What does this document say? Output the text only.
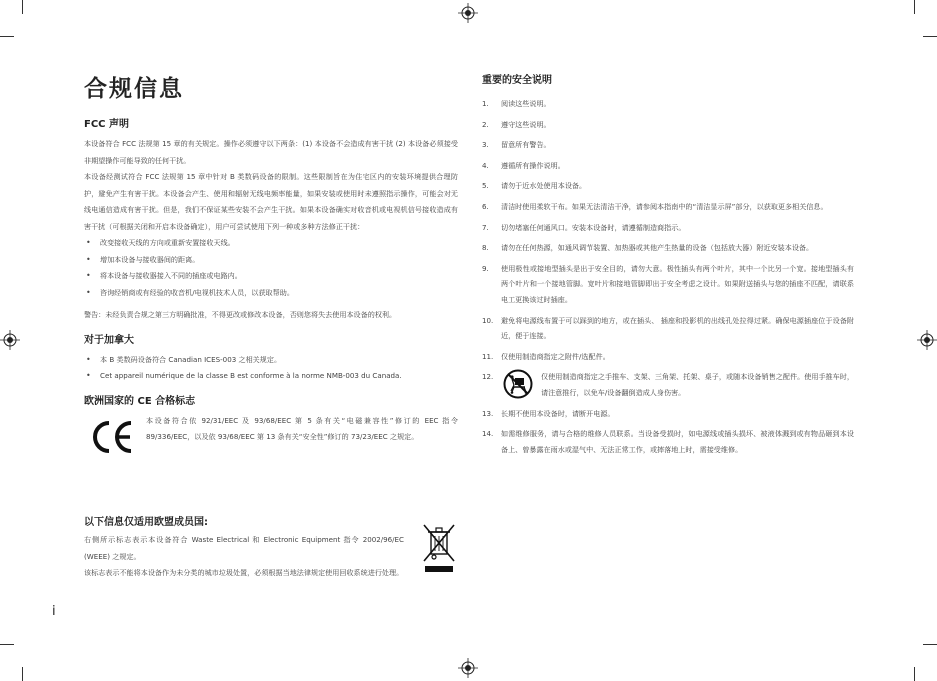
合规信息
FCC 声明

本设备符合 FCC 法规第 15 章的有关规定。操作必须遵守以下两条：(1) 本设备不会造成有害干扰 (2) 本设备必须接受非期望操作可能导致的任何干扰。

本设备经测试符合 FCC 法规第 15 章中针对 B 类数码设备的限制。这些限制旨在为住宅区内的安装环境提供合理防护，避免产生有害干扰。本设备会产生、使用和辐射无线电频率能量，如果安装或使用时未遵照指示操作，可能会对无线电通信造成有害干扰。但是，我们不保证某些安装不会产生干扰。如果本设备确实对收音机或电视机信号接收造成有害干扰（可根据关闭和开启本设备确定），用户可尝试使用下列一种或多种方法修正干扰：

• 改变接收天线的方向或重新安置接收天线。
• 增加本设备与接收器间的距离。
• 将本设备与接收器接入不同的插座或电路内。
• 咨询经销商或有经验的收音机/电视机技术人员，以获取帮助。

警告：未经负责合规之第三方明确批准，不得更改或修改本设备，否则您将失去使用本设备的权利。

对于加拿大
• 本 B 类数码设备符合 Canadian ICES-003 之相关规定。
• Cet appareil numérique de la classe B est conforme à la norme NMB-003 du Canada.
欧洲国家的 CE 合格标志

本设备符合依 92/31/EEC 及 93/68/EEC 第 5 条有关“电磁兼容性”修订的 EEC 指令 89/336/EEC，以及依 93/68/EEC 第 13 条有关“安全性”修订的 73/23/EEC 之规定。

以下信息仅适用欧盟成员国:

右侧所示标志表示本设备符合 Waste Electrical 和 Electronic Equipment 指令 2002/96/EC (WEEE) 之规定。

该标志表示不能将本设备作为未分类的城市垃圾处置，必须根据当地法律规定使用回收系统进行处理。

i
重要的安全说明
1.	阅读这些说明。
2.	遵守这些说明。
3.	留意所有警告。
4.	遵循所有操作说明。
5.	请勿于近水处使用本设备。
6.	清洁时使用柔软干布。如果无法清洁干净，请参阅本指南中的“清洁显示屏”部分，以获取更多相关信息。
7.	切勿堵塞任何通风口。安装本设备时，请遵循制造商指示。
8.	请勿在任何热源，如通风调节装置、加热器或其他产生热量的设备（包括放大器）附近安装本设备。
9.	使用极性或接地型插头是出于安全目的，请勿大意。极性插头有两个叶片，其中一个比另一个宽。接地型插头有两个叶片和一个接地管脚。宽叶片和接地管脚即出于安全考虑之设计。如果附送插头与您的插座不匹配，请联系电工更换该过时插座。
10.	避免将电源线布置于可以踩到的地方，或在插头、 插座和投影机的出线孔处拉得过紧。确保电源插座位于设备附近，便于连接。
11.	仅使用制造商指定之附件/选配件。
12.	仅使用制造商指定之手推车、支架、三角架、托架、桌子，或随本设备销售之配件。使用手推车时，请注意推行，以免车/设备翻倒造成人身伤害。
13.	长期不使用本设备时，请断开电源。
14.	如需维修服务，请与合格的维修人员联系。当设备受损时，如电源线或插头损坏、被液体溅到或有物品砸到本设备上、曾暴露在雨水或湿气中、无法正常工作，或摔落地上时，需接受维修。
